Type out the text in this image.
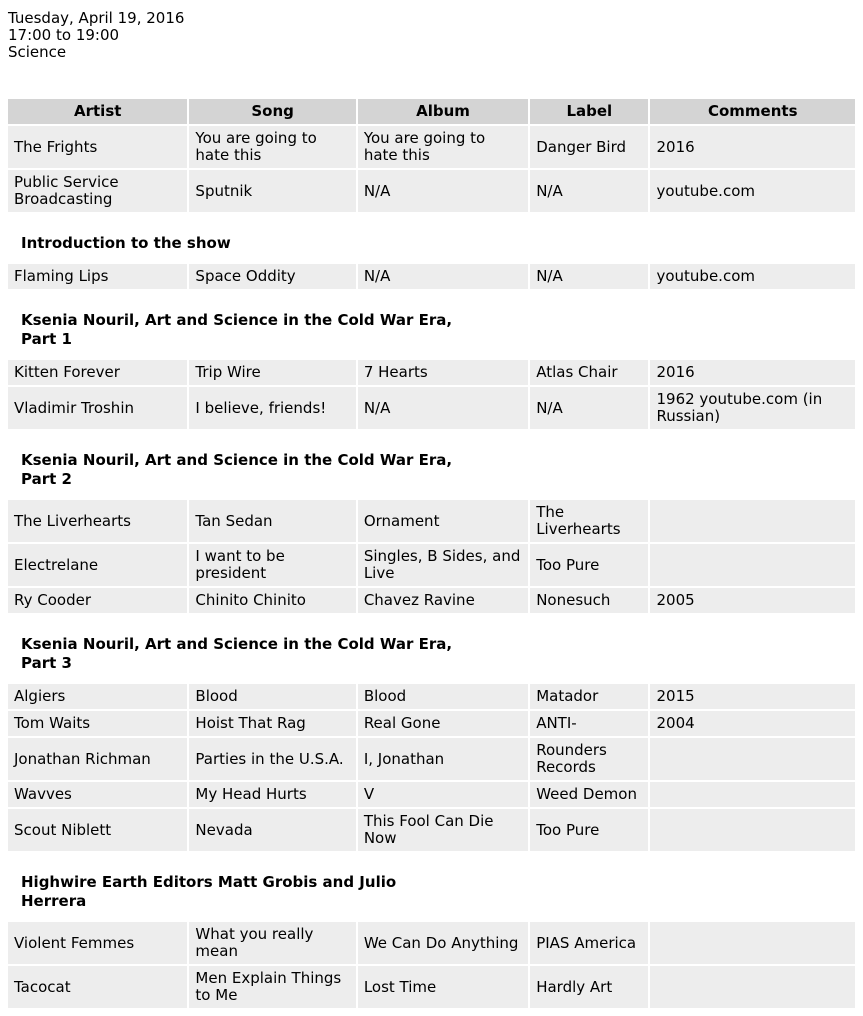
Tuesday, April 19, 2016
17:00 to 19:00
Science
Artist	Song	Album	Label	Comments
The Frights	You are going to hate this	You are going to hate this	Danger Bird	2016
Public Service Broadcasting	Sputnik	N/A	N/A	youtube.com
Introduction to the show
Flaming Lips	Space Oddity	N/A	N/A	youtube.com
Ksenia Nouril, Art and Science in the Cold War Era,
Part 1
Kitten Forever	Trip Wire	7 Hearts	Atlas Chair	2016
Vladimir Troshin	I believe, friends!	N/A	N/A	1962 youtube.com (in Russian)
Ksenia Nouril, Art and Science in the Cold War Era,
Part 2
The Liverhearts	Tan Sedan	Ornament	The Liverhearts	
Electrelane	I want to be president	Singles, B Sides, and Live	Too Pure	
Ry Cooder	Chinito Chinito	Chavez Ravine	Nonesuch	2005
Ksenia Nouril, Art and Science in the Cold War Era,
Part 3
Algiers	Blood	Blood	Matador	2015
Tom Waits	Hoist That Rag	Real Gone	ANTI-	2004
Jonathan Richman	Parties in the U.S.A.	I, Jonathan	Rounders Records	
Wavves	My Head Hurts	V	Weed Demon	
Scout Niblett	Nevada	This Fool Can Die Now	Too Pure	
Highwire Earth Editors Matt Grobis and Julio
Herrera
Violent Femmes	What you really mean	We Can Do Anything	PIAS America	
Tacocat	Men Explain Things to Me	Lost Time	Hardly Art	
